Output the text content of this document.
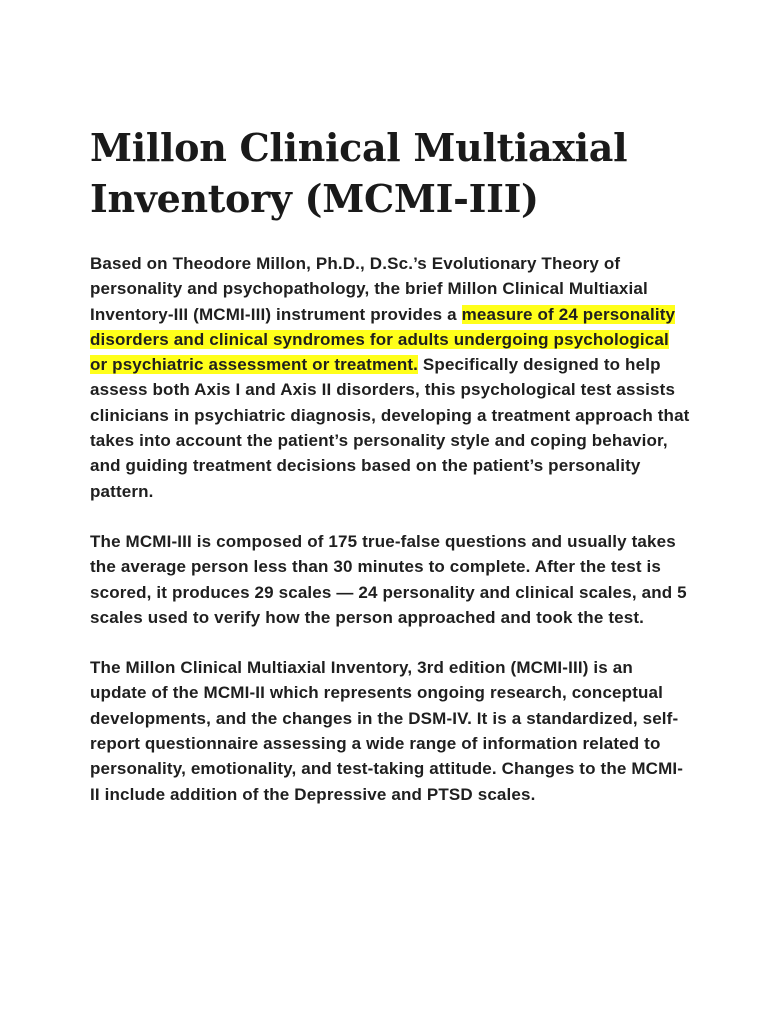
Millon Clinical Multiaxial Inventory (MCMI-III)

Based on Theodore Millon, Ph.D., D.Sc.’s Evolutionary Theory of personality and psychopathology, the brief Millon Clinical Multiaxial Inventory-III (MCMI-III) instrument provides a measure of 24 personality disorders and clinical syndromes for adults undergoing psychological or psychiatric assessment or treatment. Specifically designed to help assess both Axis I and Axis II disorders, this psychological test assists clinicians in psychiatric diagnosis, developing a treatment approach that takes into account the patient’s personality style and coping behavior, and guiding treatment decisions based on the patient’s personality pattern.

The MCMI-III is composed of 175 true-false questions and usually takes the average person less than 30 minutes to complete. After the test is scored, it produces 29 scales — 24 personality and clinical scales, and 5 scales used to verify how the person approached and took the test.

The Millon Clinical Multiaxial Inventory, 3rd edition (MCMI-III) is an update of the MCMI-II which represents ongoing research, conceptual developments, and the changes in the DSM-IV. It is a standardized, self-report questionnaire assessing a wide range of information related to personality, emotionality, and test-taking attitude. Changes to the MCMI-II include addition of the Depressive and PTSD scales.
